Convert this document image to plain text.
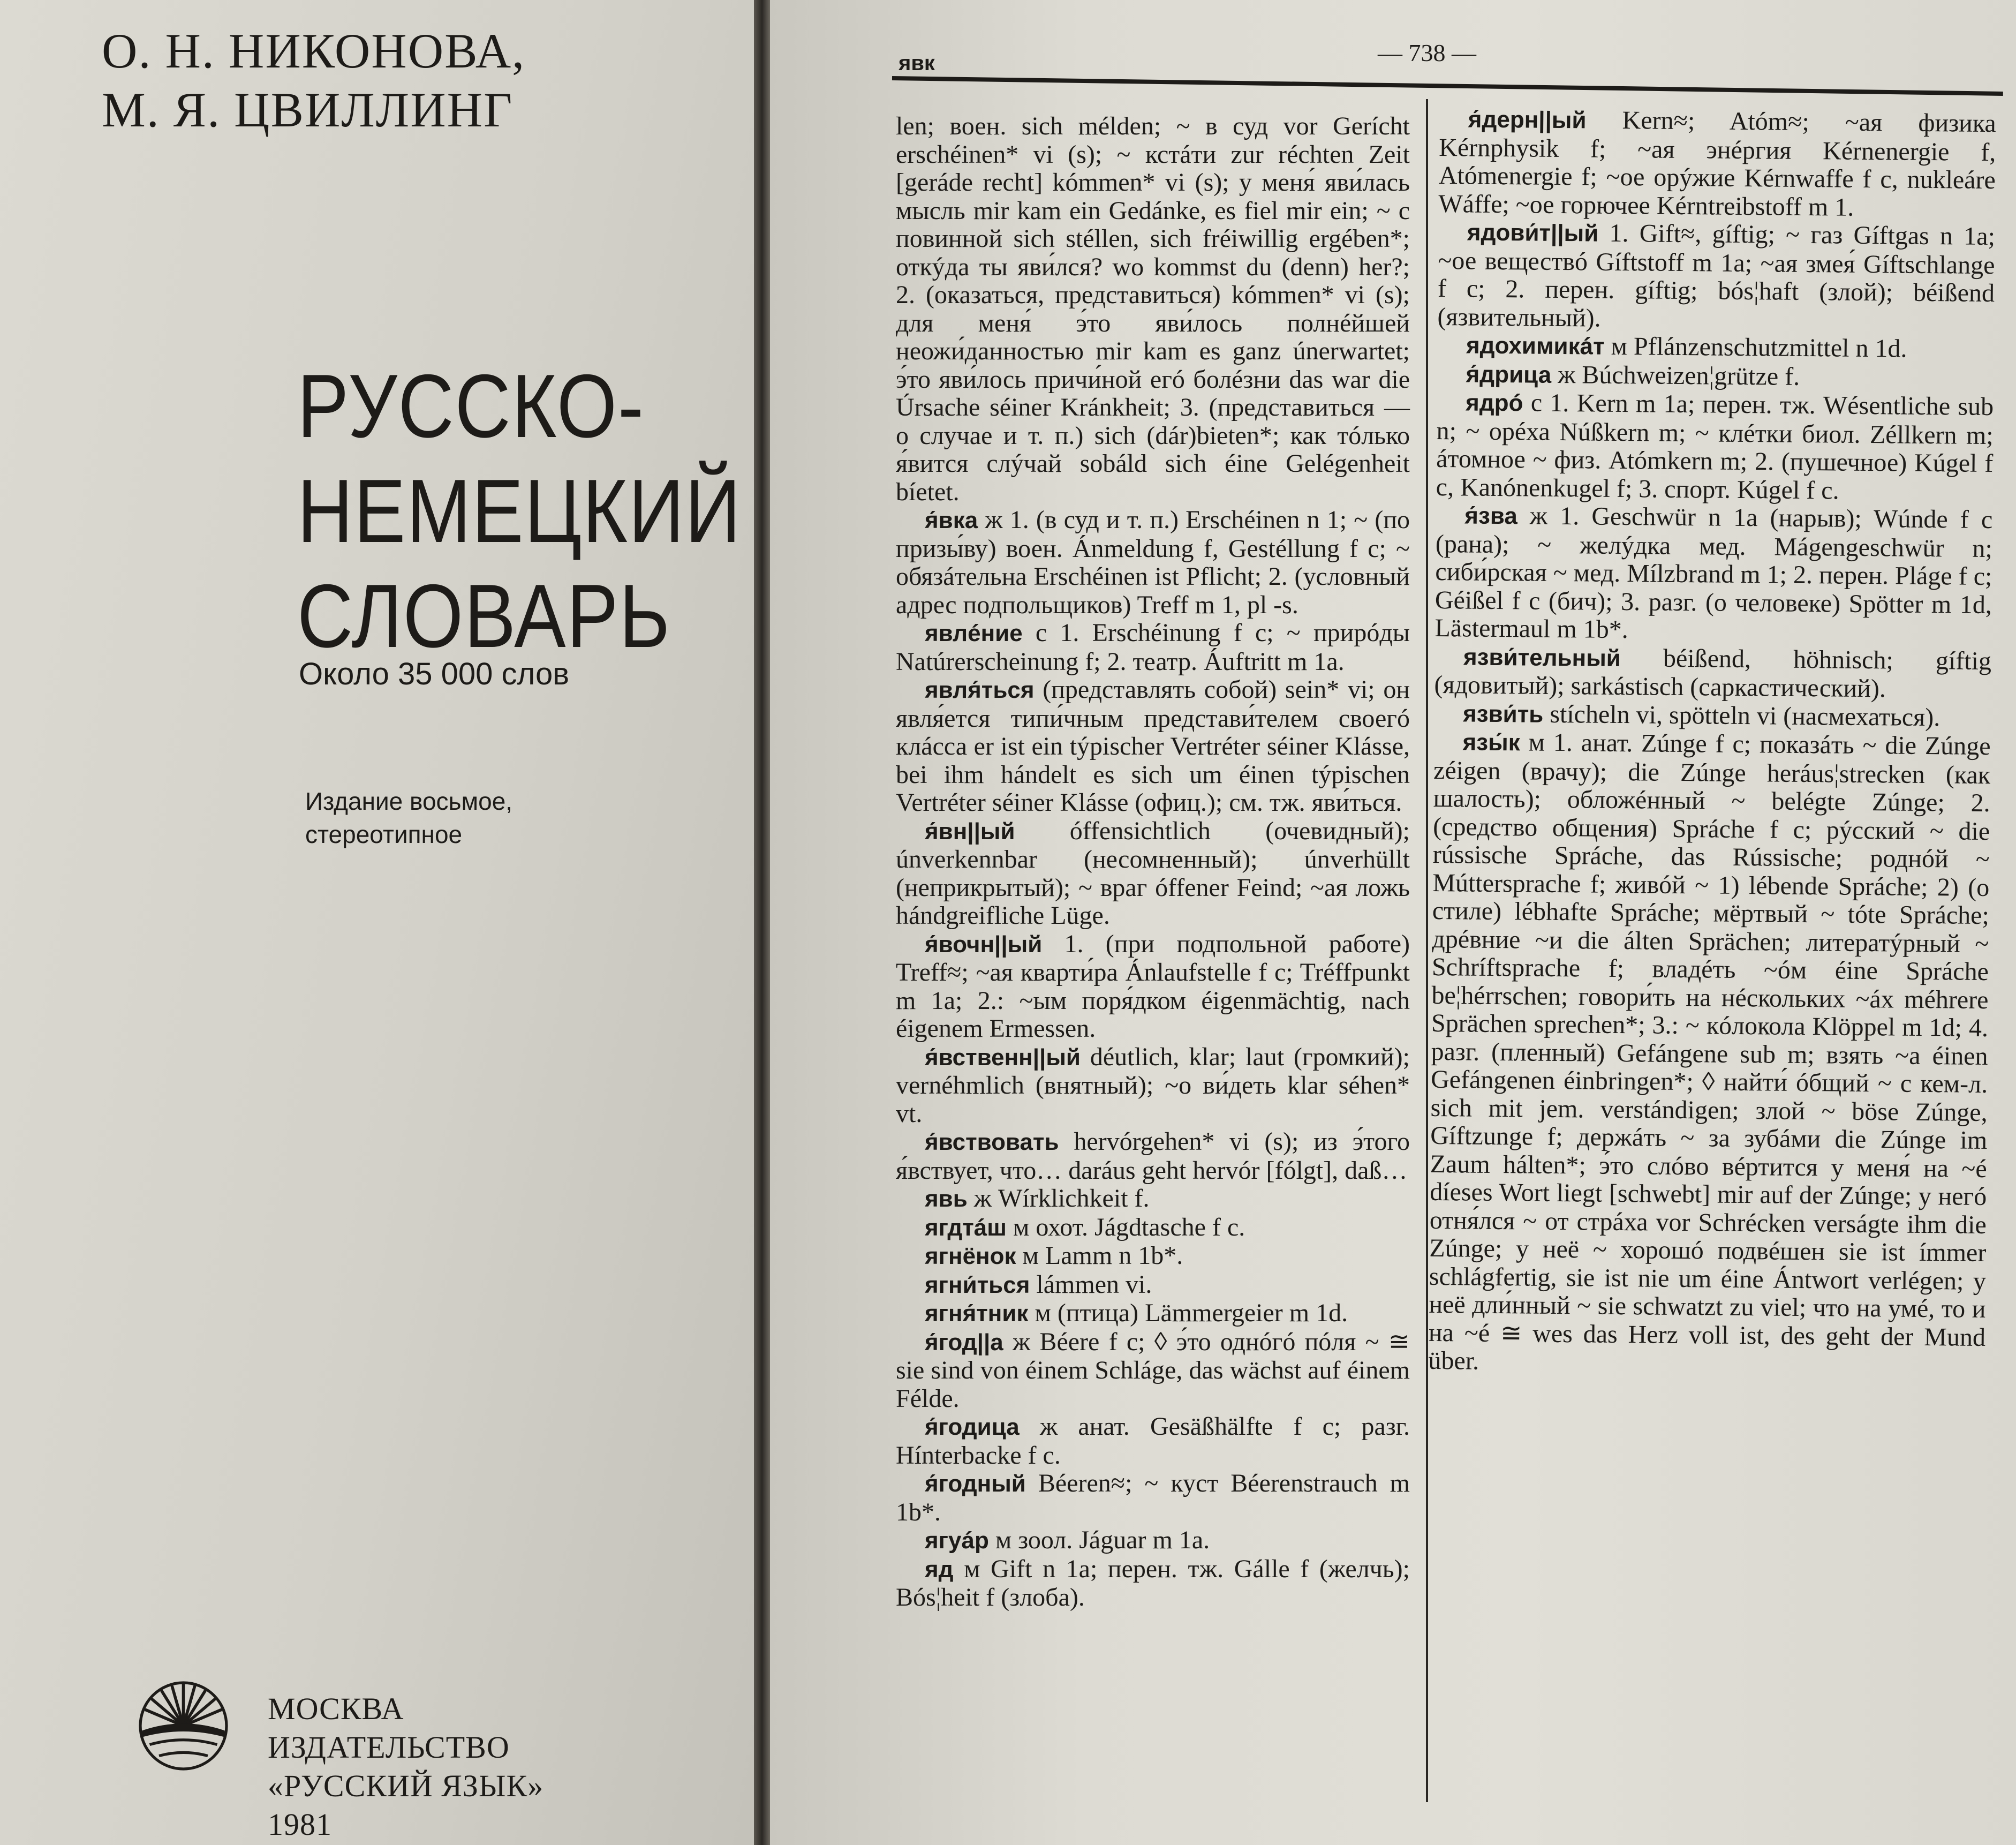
О. Н. НИКОНОВА,
М. Я. ЦВИЛЛИНГ
РУССКО-
НЕМЕЦКИЙ
СЛОВАРЬ
Около 35 000 слов
Издание восьмое,
стереотипное
МОСКВА
ИЗДАТЕЛЬСТВО
«РУССКИЙ ЯЗЫК»
1981
явк	— 738 —

len; воен. sich mélden; ~ в суд vor Gerícht erschéinen* vi (s); ~ кстáти zur réchten Zeit [gerádе recht] kómmen* vi (s); у меня́ яви́лась мысль mir kam ein Gedánke, es fiel mir ein; ~ с повинной sich stéllen, sich fréiwillig ergében*; откýда ты яви́лся? wo kommst du (denn) her?; 2. (оказаться, представиться) kómmen* vi (s); для меня́ э́то яви́лось полнéйшей неожи́данностью mir kam es ganz únerwartet; э́то яви́лось причи́ной егó болéзни das war die Úrsache séiner Kránkheit; 3. (представиться — о случае и т. п.) sich (dár)bieten*; как тóлько я́вится слýчай sobáld sich éine Gelégenheit bíetet.

я́вка ж 1. (в суд и т. п.) Erschéinen n 1; ~ (по призы́ву) воен. Ánmeldung f, Gestéllung f c; ~ обязáтельна Erschéinen ist Pflicht; 2. (условный адрес подпольщиков) Treff m 1, pl -s.

явлéние с 1. Erschéinung f c; ~ прирóды Natúrerscheinung f; 2. театр. Áuftritt m 1a.

явля́ться (представлять собой) sein* vi; он явля́ется типи́чным представи́телем своегó клáсса er ist ein týpischer Vertréter séiner Klásse, bei ihm hándelt es sich um éinen týpischen Vertréter séiner Klásse (офиц.); см. тж. яви́ться.

я́вн||ый óffensichtlich (очевидный); únverkennbar (несомненный); únverhüllt (неприкрытый); ~ враг óffener Feind; ~ая ложь hándgreifliche Lüge.

я́вочн||ый 1. (при подпольной работе) Treff≈; ~ая кварти́ра Ánlaufstelle f c; Tréffpunkt m 1a; 2.: ~ым поря́дком éigenmächtig, nach éigenem Ermessen.

я́вственн||ый déutlich, klar; laut (громкий); vernéhmlich (внятный); ~о ви́деть klar séhen* vt.

я́вствовать hervórgehen* vi (s); из э́того я́вствует, что… daráus geht hervór [fólgt], daß…

явь ж Wírklichkeit f.

ягдтáш м охот. Jágdtasche f c.

ягнёнок м Lamm n 1b*.

ягни́ться lámmen vi.

ягня́тник м (птица) Lämmergeier m 1d.

я́год||а ж Béere f c; ◊ э́то однóгó пóля ~ ≅ sie sind von éinem Schláge, das wächst auf éinem Félde.

я́годица ж анат. Gesäßhälfte f c; разг. Hínterbacke f c.

я́годный Béeren≈; ~ куст Béerenstrauch m 1b*.

ягуáр м зоол. Jáguar m 1a.

яд м Gift n 1a; перен. тж. Gálle f (желчь); Bós¦heit f (злоба).

я́дерн||ый Kern≈; Atóm≈; ~ая физика Kérnphysik f; ~ая энéргия Kérnenergie f, Atómenergie f; ~ое орýжие Kérnwaffe f c, nukleáre Wáffe; ~ое горючее Kérntreibstoff m 1.

ядови́т||ый 1. Gift≈, gíftig; ~ газ Gíftgas n 1a; ~ое веществó Gíftstoff m 1a; ~ая змея́ Gíftschlange f c; 2. перен. gíftig; bós¦haft (злой); béißend (язвительный).

ядохимикáт м Pflánzenschutzmittel n 1d.

я́дрица ж Búchweizen¦grütze f.

ядрó с 1. Kern m 1a; перен. тж. Wésentliche sub n; ~ орéха Núßkern m; ~ клéтки биол. Zéllkern m; áтомное ~ физ. Atómkern m; 2. (пушечное) Kúgel f c, Kanónenkugel f; 3. спорт. Kúgel f c.

я́зва ж 1. Geschwür n 1a (нарыв); Wúnde f c (рана); ~ желýдка мед. Mágengeschwür n; сиби́рская ~ мед. Mílzbrand m 1; 2. перен. Pláge f c; Géißel f c (бич); 3. разг. (о человеке) Spötter m 1d, Lästermaul m 1b*.

язви́тельный béißend, höhnisch; gíftig (ядовитый); sarkástisch (саркастический).

язви́ть stícheln vi, spötteln vi (насмехаться).

язы́к м 1. анат. Zúnge f c; показáть ~ die Zúnge zéigen (врачу); die Zúnge heráus¦strecken (как шалость); обложéнный ~ belégte Zúnge; 2. (средство общения) Spráche f c; рýсский ~ die rússische Spráche, das Rússische; роднóй ~ Múttersprache f; живóй ~ 1) lébende Spráche; 2) (о стиле) lébhafte Spráche; мёртвый ~ tóte Spráche; дрéвние ~и die álten Sprächen; литератýрный ~ Schríftsprache f; владéть ~óм éine Spráche be¦hérrschen; говори́ть на нéскольких ~áх méhrere Sprächen sprechen*; 3.: ~ кóлокола Klöppel m 1d; 4. разг. (пленный) Gefángene sub m; взять ~а éinen Gefángenen éinbringen*; ◊ найти́ óбщий ~ с кем-л. sich mit jem. verstándigen; злой ~ böse Zúnge, Gíftzunge f; держáть ~ за зубáми die Zúnge im Zaum hálten*; э́то слóво вéртится у меня́ на ~é díeses Wort liegt [schwebt] mir auf der Zúnge; у негó отня́лся ~ от стрáха vor Schrécken verságte ihm die Zúnge; у неё ~ хорошó подвéшен sie ist ímmer schlágfertig, sie ist nie um éine Ántwort verlégen; у неё дли́нный ~ sie schwatzt zu viel; что на умé, то и на ~é ≅ wes das Herz voll ist, des geht der Mund über.
